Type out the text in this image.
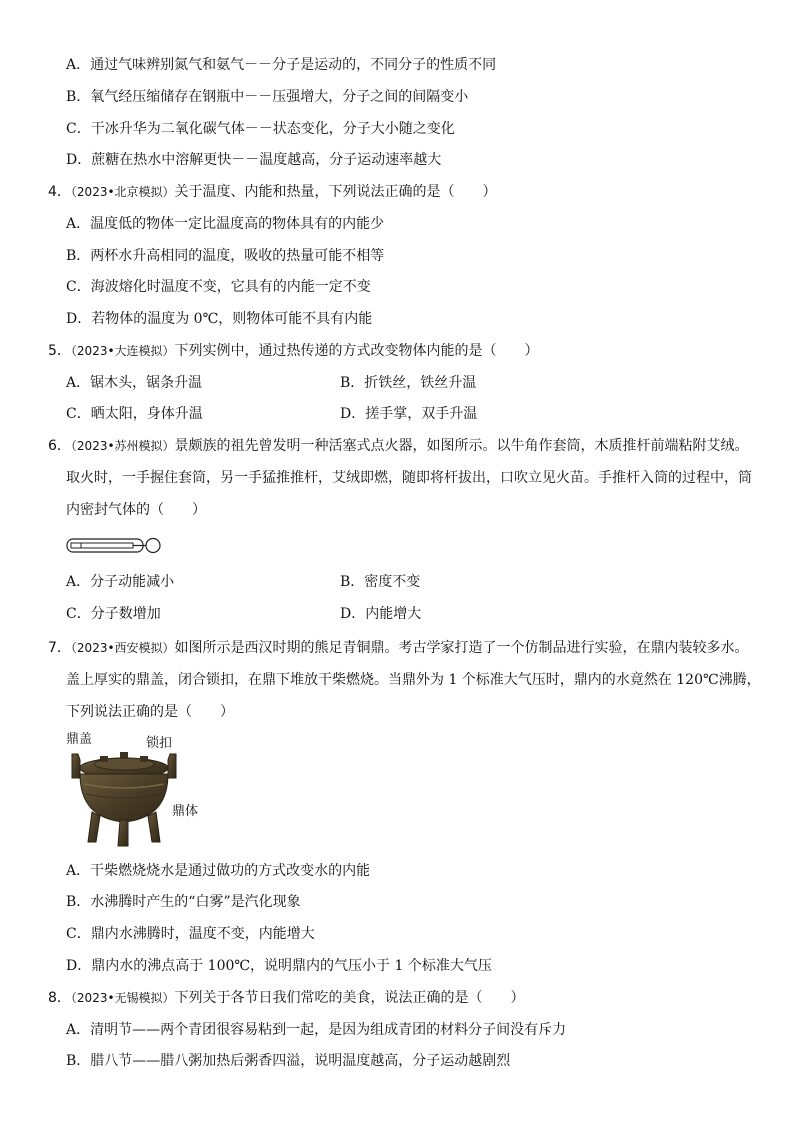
A．通过气味辨别氮气和氨气－－分子是运动的，不同分子的性质不同
B．氧气经压缩储存在钢瓶中－－压强增大，分子之间的间隔变小
C．干冰升华为二氧化碳气体－－状态变化，分子大小随之变化
D．蔗糖在热水中溶解更快－－温度越高，分子运动速率越大
4．（2023•北京模拟）关于温度、内能和热量，下列说法正确的是（　　）
A．温度低的物体一定比温度高的物体具有的内能少
B．两杯水升高相同的温度，吸收的热量可能不相等
C．海波熔化时温度不变，它具有的内能一定不变
D．若物体的温度为 0℃，则物体可能不具有内能
5．（2023•大连模拟）下列实例中，通过热传递的方式改变物体内能的是（　　）
A．锯木头，锯条升温	B．折铁丝，铁丝升温
C．晒太阳，身体升温	D．搓手掌，双手升温
6．（2023•苏州模拟）景颇族的祖先曾发明一种活塞式点火器，如图所示。以牛角作套筒，木质推杆前端粘附艾绒。
取火时，一手握住套筒，另一手猛推推杆，艾绒即燃，随即将杆拔出，口吹立见火苗。手推杆入筒的过程中，筒
内密封气体的（　　）
A．分子动能减小	B．密度不变
C．分子数增加	D．内能增大
7．（2023•西安模拟）如图所示是西汉时期的熊足青铜鼎。考古学家打造了一个仿制品进行实验，在鼎内装较多水。
盖上厚实的鼎盖，闭合锁扣，在鼎下堆放干柴燃烧。当鼎外为 1 个标准大气压时，鼎内的水竟然在 120℃沸腾，
下列说法正确的是（　　）
鼎盖	锁扣
鼎体
A．干柴燃烧烧水是通过做功的方式改变水的内能
B．水沸腾时产生的“白雾”是汽化现象
C．鼎内水沸腾时，温度不变，内能增大
D．鼎内水的沸点高于 100℃，说明鼎内的气压小于 1 个标准大气压
8．（2023•无锡模拟）下列关于各节日我们常吃的美食，说法正确的是（　　）
A．清明节——两个青团很容易粘到一起，是因为组成青团的材料分子间没有斥力
B．腊八节——腊八粥加热后粥香四溢，说明温度越高，分子运动越剧烈
